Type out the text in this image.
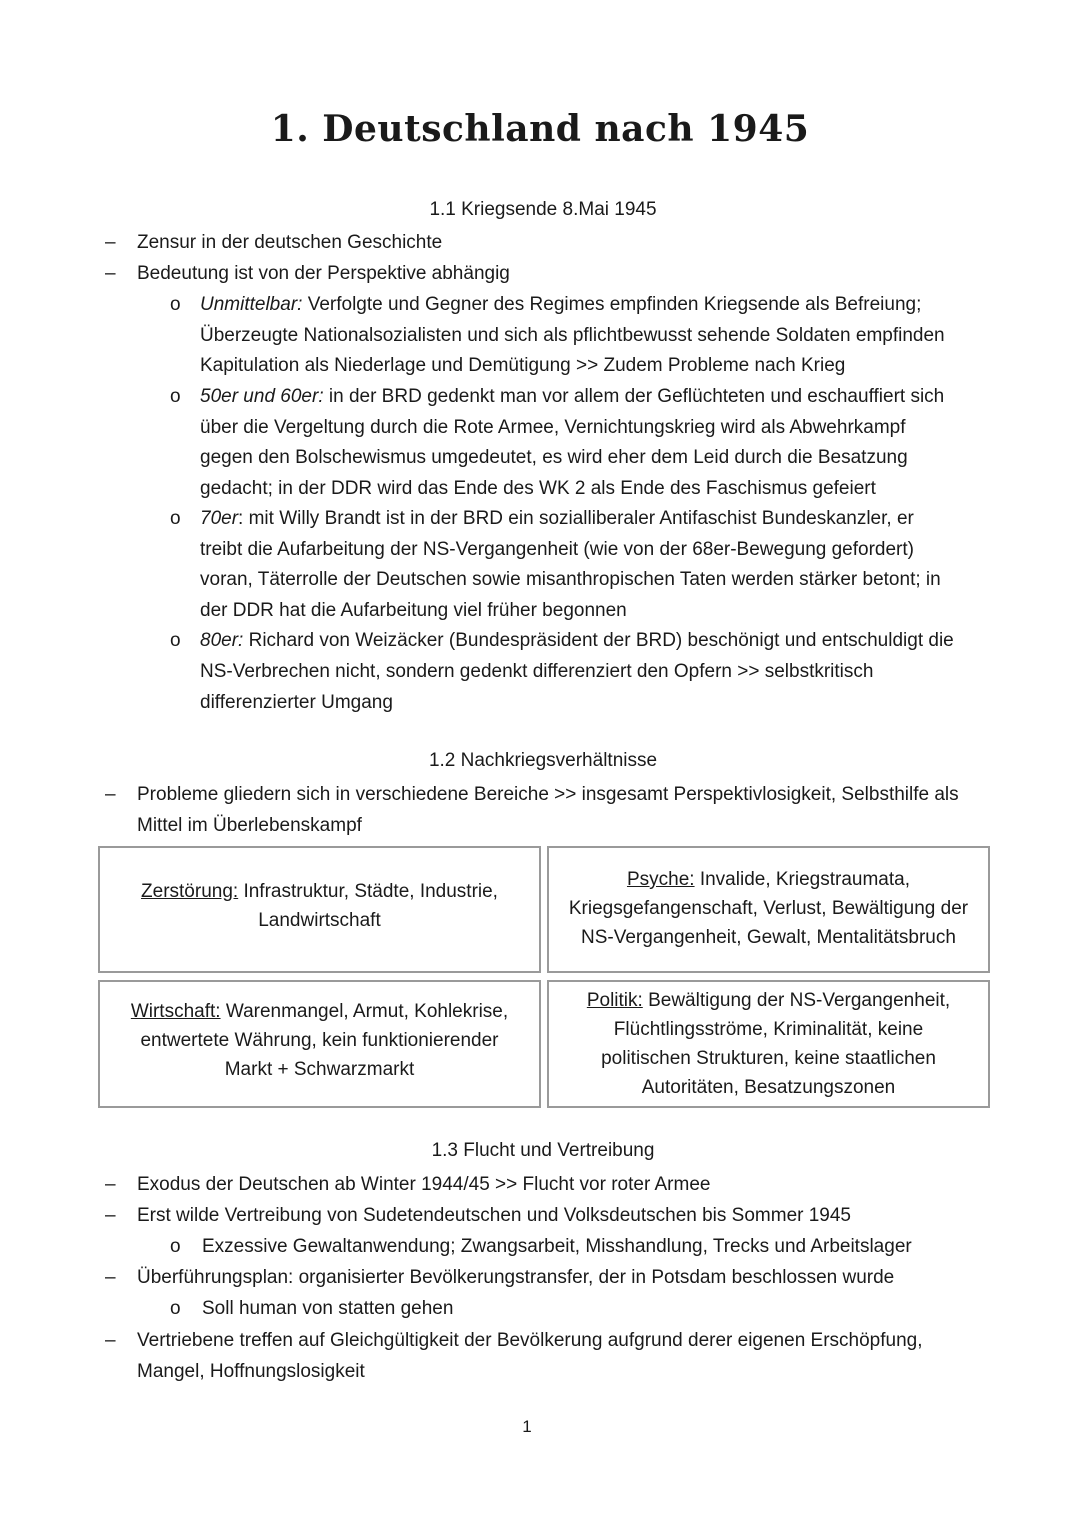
1. Deutschland nach 1945
1.1 Kriegsende 8.Mai 1945
– Zensur in der deutschen Geschichte
– Bedeutung ist von der Perspektive abhängig
o Unmittelbar: Verfolgte und Gegner des Regimes empfinden Kriegsende als Befreiung;
Überzeugte Nationalsozialisten und sich als pflichtbewusst sehende Soldaten empfinden
Kapitulation als Niederlage und Demütigung >> Zudem Probleme nach Krieg
o 50er und 60er: in der BRD gedenkt man vor allem der Geflüchteten und eschauffiert sich
über die Vergeltung durch die Rote Armee, Vernichtungskrieg wird als Abwehrkampf
gegen den Bolschewismus umgedeutet, es wird eher dem Leid durch die Besatzung
gedacht; in der DDR wird das Ende des WK 2 als Ende des Faschismus gefeiert
o 70er: mit Willy Brandt ist in der BRD ein sozialliberaler Antifaschist Bundeskanzler, er
treibt die Aufarbeitung der NS-Vergangenheit (wie von der 68er-Bewegung gefordert)
voran, Täterrolle der Deutschen sowie misanthropischen Taten werden stärker betont; in
der DDR hat die Aufarbeitung viel früher begonnen
o 80er: Richard von Weizäcker (Bundespräsident der BRD) beschönigt und entschuldigt die
NS-Verbrechen nicht, sondern gedenkt differenziert den Opfern >> selbstkritisch
differenzierter Umgang
1.2 Nachkriegsverhältnisse
– Probleme gliedern sich in verschiedene Bereiche >> insgesamt Perspektivlosigkeit, Selbsthilfe als
Mittel im Überlebenskampf
Zerstörung: Infrastruktur, Städte, Industrie,
Landwirtschaft
Psyche: Invalide, Kriegstraumata,
Kriegsgefangenschaft, Verlust, Bewältigung der
NS-Vergangenheit, Gewalt, Mentalitätsbruch
Wirtschaft: Warenmangel, Armut, Kohlekrise,
entwertete Währung, kein funktionierender
Markt + Schwarzmarkt
Politik: Bewältigung der NS-Vergangenheit,
Flüchtlingsströme, Kriminalität, keine
politischen Strukturen, keine staatlichen
Autoritäten, Besatzungszonen
1.3 Flucht und Vertreibung
– Exodus der Deutschen ab Winter 1944/45 >> Flucht vor roter Armee
– Erst wilde Vertreibung von Sudetendeutschen und Volksdeutschen bis Sommer 1945
o Exzessive Gewaltanwendung; Zwangsarbeit, Misshandlung, Trecks und Arbeitslager
– Überführungsplan: organisierter Bevölkerungstransfer, der in Potsdam beschlossen wurde
o Soll human von statten gehen
– Vertriebene treffen auf Gleichgültigkeit der Bevölkerung aufgrund derer eigenen Erschöpfung,
Mangel, Hoffnungslosigkeit
1
